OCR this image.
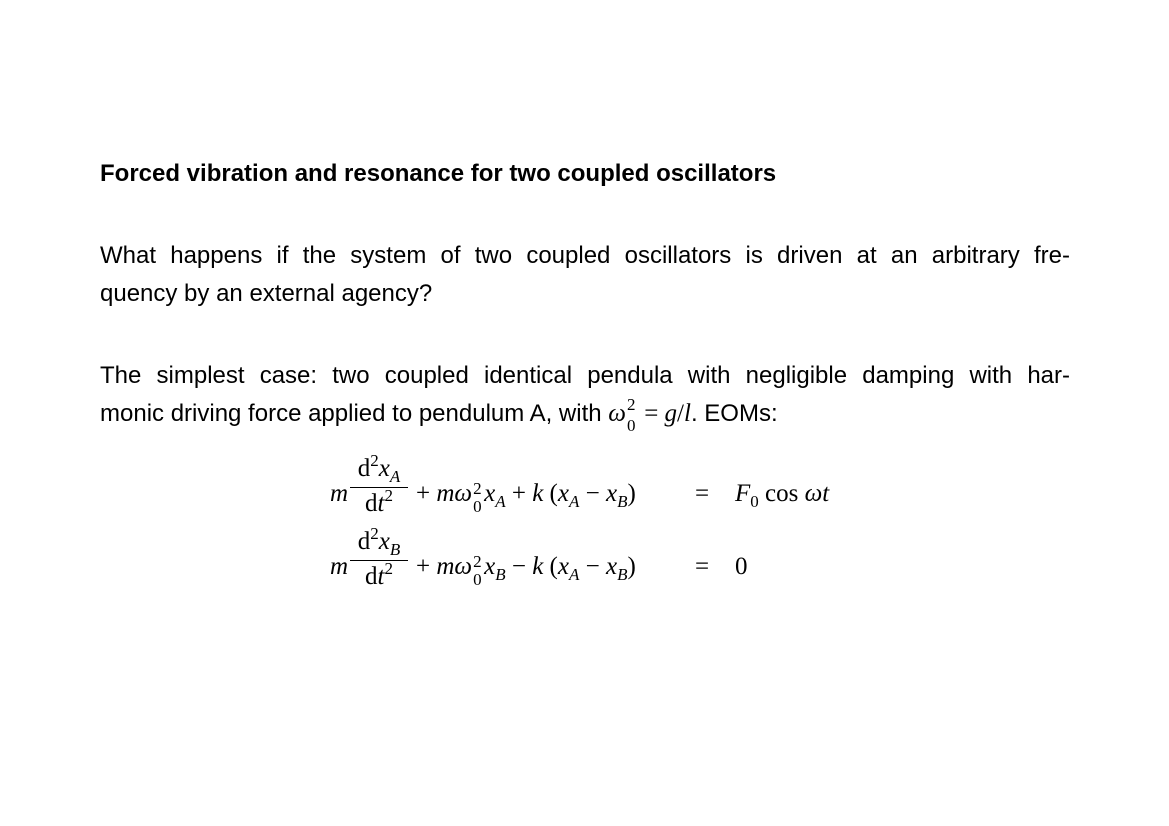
Forced vibration and resonance for two coupled oscillators
What happens if the system of two coupled oscillators is driven at an arbitrary fre-
quency by an external agency?
The simplest case: two coupled identical pendula with negligible damping with har-
monic driving force applied to pendulum A, with ω 2
0 = g/l. EOMs:
m
$d^2x_A$
$dt^2 + m\omega$ 2
0 $x_A + k$ $(x_A - x_B) = F_0$ cos ωt
m
$d^2x_B$
$dt^2 + m\omega$ 2
0 $x_B - k$ $(x_A - x_B) = 0$
